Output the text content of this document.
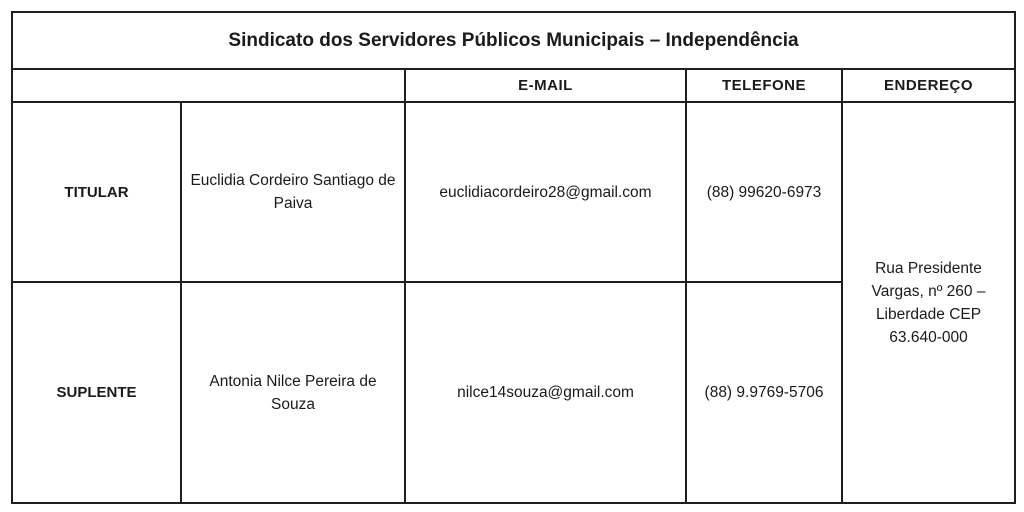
Sindicato dos Servidores Públicos Municipais – Independência				
		E-MAIL	TELEFONE	ENDEREÇO
TITULAR	Euclidia Cordeiro Santiago de Paiva	euclidiacordeiro28@gmail.com	(88) 99620-6973	Rua Presidente Vargas, nº 260 – Liberdade CEP 63.640-000
SUPLENTE	Antonia Nilce Pereira de Souza	nilce14souza@gmail.com	(88) 9.9769-5706	
